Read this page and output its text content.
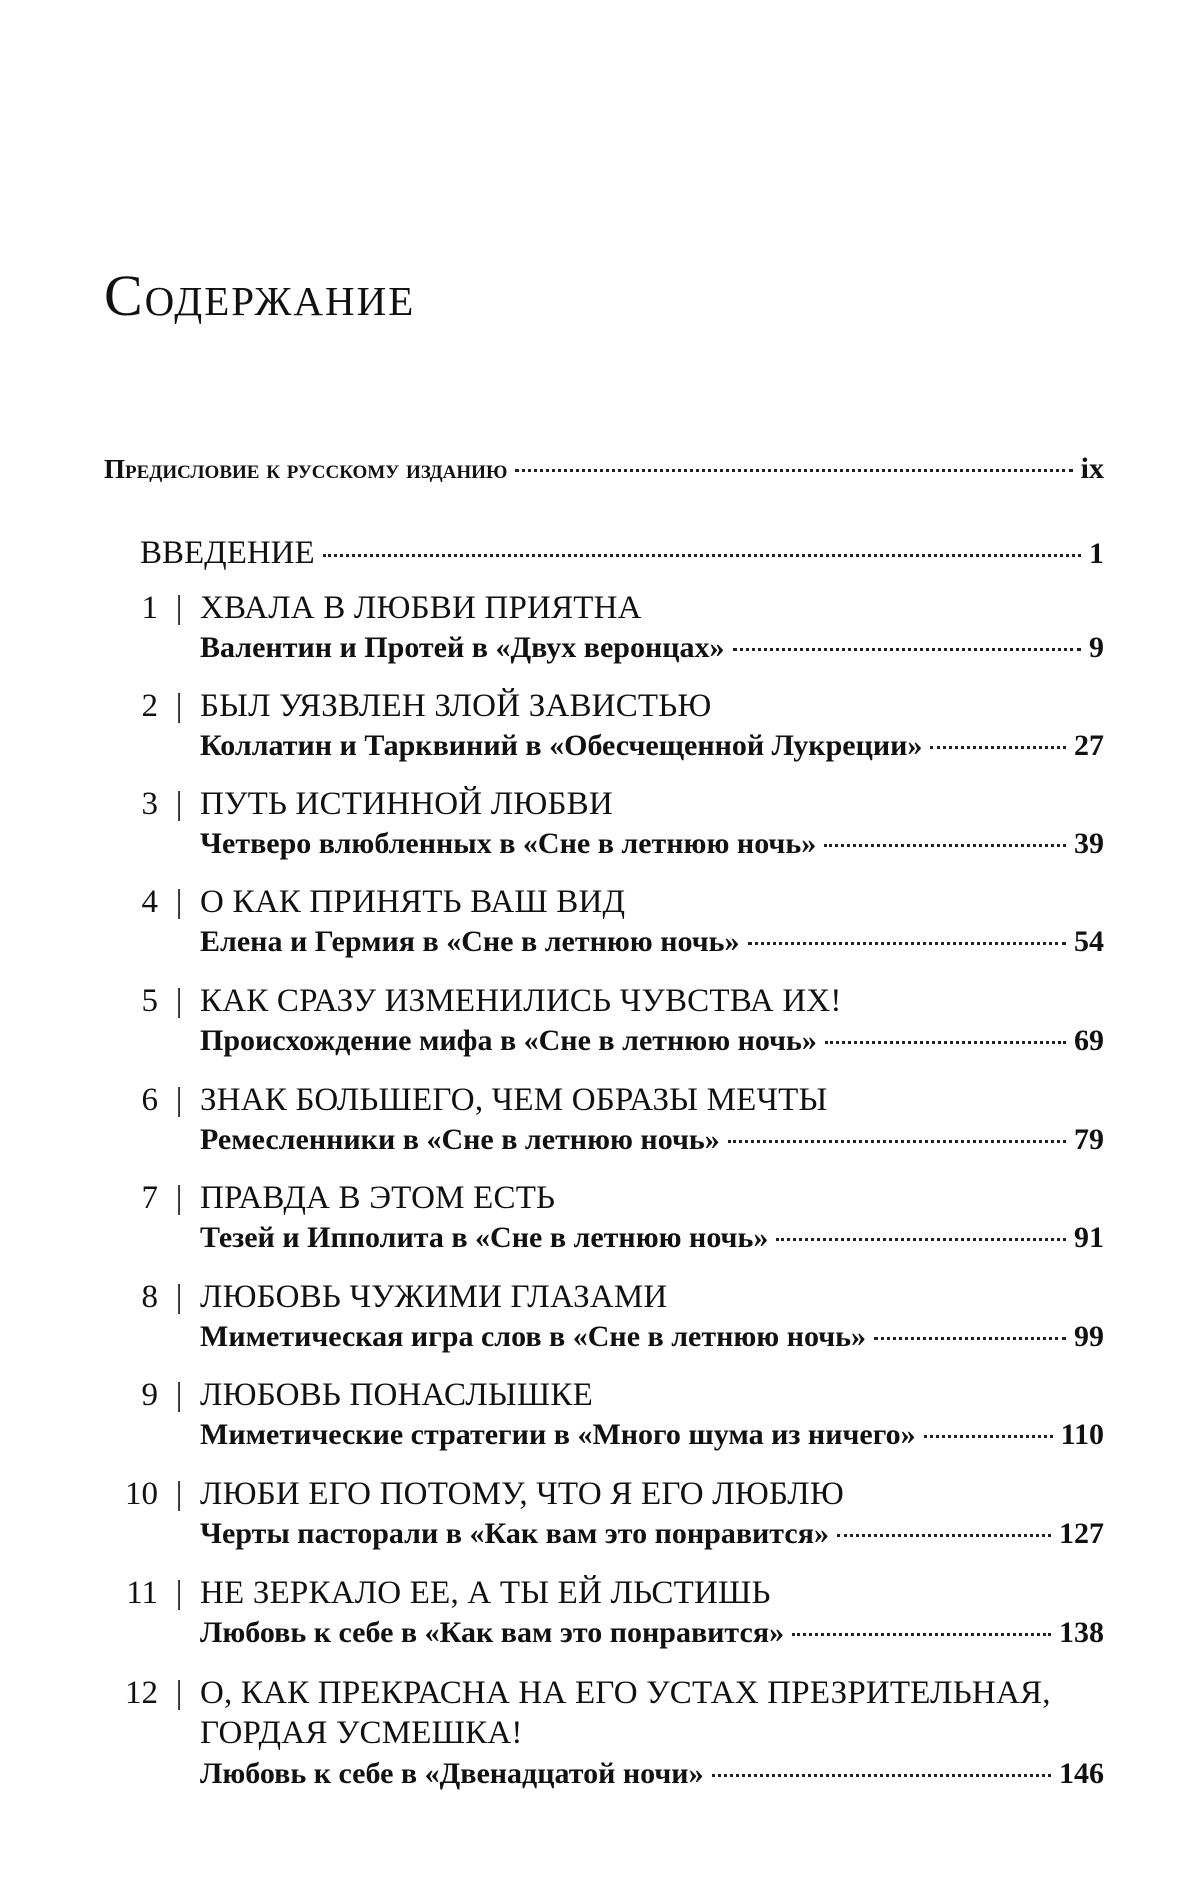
Содержание
Предисловие к русскому изданию	ix
ВВЕДЕНИЕ	1
1 | ХВАЛА В ЛЮБВИ ПРИЯТНА
Валентин и Протей в «Двух веронцах»	9
2 | БЫЛ УЯЗВЛЕН ЗЛОЙ ЗАВИСТЬЮ
Коллатин и Тарквиний в «Обесчещенной Лукреции»	27
3 | ПУТЬ ИСТИННОЙ ЛЮБВИ
Четверо влюбленных в «Сне в летнюю ночь»	39
4 | О КАК ПРИНЯТЬ ВАШ ВИД
Елена и Гермия в «Сне в летнюю ночь»	54
5 | КАК СРАЗУ ИЗМЕНИЛИСЬ ЧУВСТВА ИХ!
Происхождение мифа в «Сне в летнюю ночь»	69
6 | ЗНАК БОЛЬШЕГО, ЧЕМ ОБРАЗЫ МЕЧТЫ
Ремесленники в «Сне в летнюю ночь»	79
7 | ПРАВДА В ЭТОМ ЕСТЬ
Тезей и Ипполита в «Сне в летнюю ночь»	91
8 | ЛЮБОВЬ ЧУЖИМИ ГЛАЗАМИ
Миметическая игра слов в «Сне в летнюю ночь»	99
9 | ЛЮБОВЬ ПОНАСЛЫШКЕ
Миметические стратегии в «Много шума из ничего»	110
10 | ЛЮБИ ЕГО ПОТОМУ, ЧТО Я ЕГО ЛЮБЛЮ
Черты пасторали в «Как вам это понравится»	127
11 | НЕ ЗЕРКАЛО ЕЕ, А ТЫ ЕЙ ЛЬСТИШЬ
Любовь к себе в «Как вам это понравится»	138
12 | О, КАК ПРЕКРАСНА НА ЕГО УСТАХ ПРЕЗРИТЕЛЬНАЯ, ГОРДАЯ УСМЕШКА!
Любовь к себе в «Двенадцатой ночи»	146
